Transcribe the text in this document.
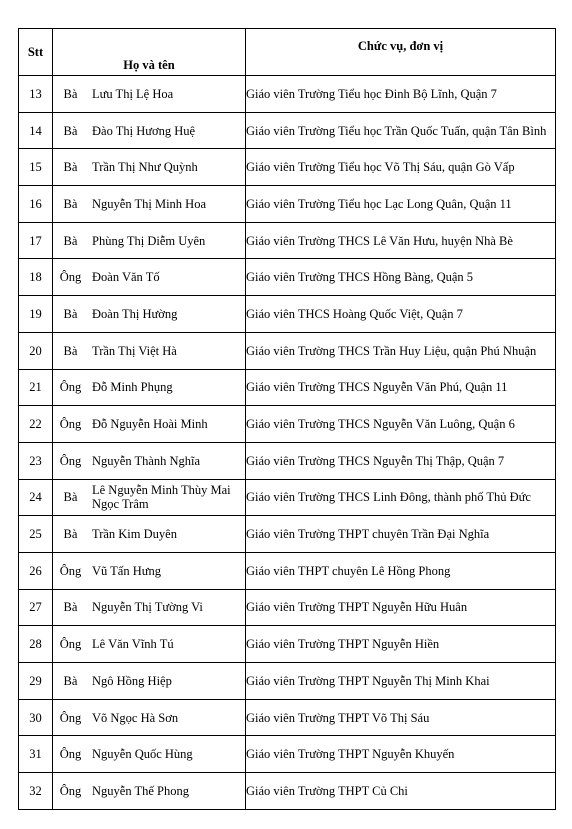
Stt	Họ và tên	Chức vụ, đơn vị
13	Bà Lưu Thị Lệ Hoa	Giáo viên Trường Tiểu học Đinh Bộ Lĩnh, Quận 7
14	Bà Đào Thị Hương Huệ	Giáo viên Trường Tiểu học Trần Quốc Tuấn, quận Tân Bình
15	Bà Trần Thị Như Quỳnh	Giáo viên Trường Tiểu học Võ Thị Sáu, quận Gò Vấp
16	Bà Nguyễn Thị Minh Hoa	Giáo viên Trường Tiểu học Lạc Long Quân, Quận 11
17	Bà Phùng Thị Diễm Uyên	Giáo viên Trường THCS Lê Văn Hưu, huyện Nhà Bè
18	Ông Đoàn Văn Tố	Giáo viên Trường THCS Hồng Bàng, Quận 5
19	Bà Đoàn Thị Hường	Giáo viên THCS Hoàng Quốc Việt, Quận 7
20	Bà Trần Thị Việt Hà	Giáo viên Trường THCS Trần Huy Liệu, quận Phú Nhuận
21	Ông Đỗ Minh Phụng	Giáo viên Trường THCS Nguyễn Văn Phú, Quận 11
22	Ông Đỗ Nguyễn Hoài Minh	Giáo viên Trường THCS Nguyễn Văn Luông, Quận 6
23	Ông Nguyễn Thành Nghĩa	Giáo viên Trường THCS Nguyễn Thị Thập, Quận 7
24	Bà Lê Nguyễn Minh Thùy Mai Ngọc Trâm	Giáo viên Trường THCS Linh Đông, thành phố Thủ Đức
25	Bà Trần Kim Duyên	Giáo viên Trường THPT chuyên Trần Đại Nghĩa
26	Ông Vũ Tấn Hưng	Giáo viên THPT chuyên Lê Hồng Phong
27	Bà Nguyễn Thị Tường Vi	Giáo viên Trường THPT Nguyễn Hữu Huân
28	Ông Lê Văn Vĩnh Tú	Giáo viên Trường THPT Nguyễn Hiền
29	Bà Ngô Hồng Hiệp	Giáo viên Trường THPT Nguyễn Thị Minh Khai
30	Ông Võ Ngọc Hà Sơn	Giáo viên Trường THPT Võ Thị Sáu
31	Ông Nguyễn Quốc Hùng	Giáo viên Trường THPT Nguyễn Khuyến
32	Ông Nguyễn Thế Phong	Giáo viên Trường THPT Củ Chi
